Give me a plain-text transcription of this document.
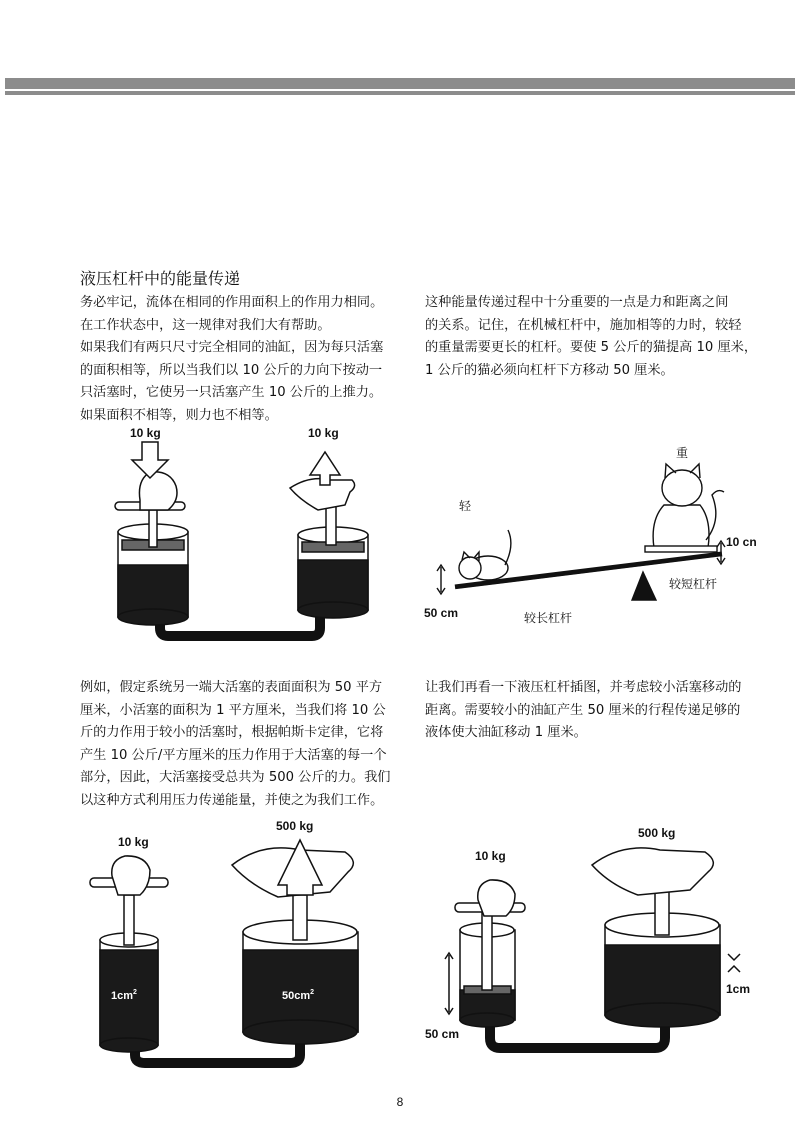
液压杠杆中的能量传递
务必牢记，流体在相同的作用面积上的作用力相同。
在工作状态中，这一规律对我们大有帮助。
如果我们有两只尺寸完全相同的油缸，因为每只活塞
的面积相等，所以当我们以 10 公斤的力向下按动一
只活塞时，它使另一只活塞产生 10 公斤的上推力。
如果面积不相等，则力也不相等。
这种能量传递过程中十分重要的一点是力和距离之间
的关系。记住，在机械杠杆中，施加相等的力时，较轻
的重量需要更长的杠杆。要使 5 公斤的猫提高 10 厘米，
1 公斤的猫必须向杠杆下方移动 50 厘米。
例如，假定系统另一端大活塞的表面面积为 50 平方
厘米，小活塞的面积为 1 平方厘米，当我们将 10 公
斤的力作用于较小的活塞时，根据帕斯卡定律，它将
产生 10 公斤/平方厘米的压力作用于大活塞的每一个
部分，因此，大活塞接受总共为 500 公斤的力。我们
以这种方式利用压力传递能量，并使之为我们工作。
让我们再看一下液压杠杆插图，并考虑较小活塞移动的
距离。需要较小的油缸产生 50 厘米的行程传递足够的
液体使大油缸移动 1 厘米。
10 kg	10 kg
轻
重
10 cn
较短杠杆
50 cm	较长杠杆
10 kg
500 kg
$1cm^2$	$50cm^2$
10 kg
500 kg
50 cm
1cm
8
